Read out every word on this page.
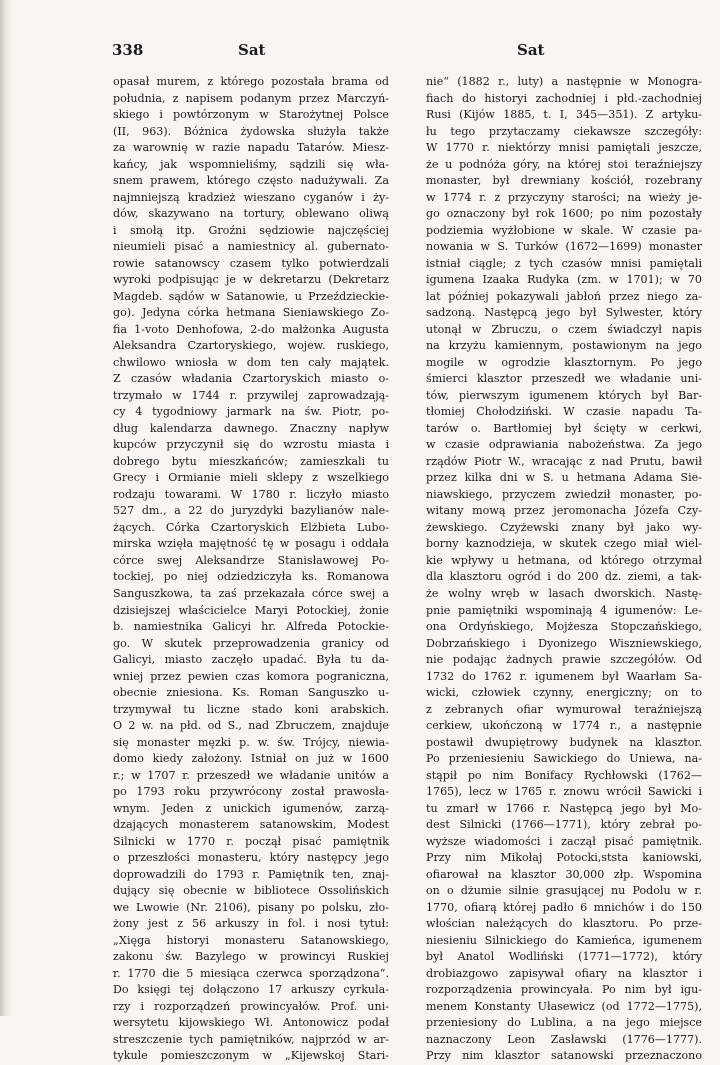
338	Sat	Sat
opasał murem, z którego pozostała brama od
południa, z napisem podanym przez Marczyń-
skiego i powtórzonym w Starożytnej Polsce
(II, 963). Bóżnica żydowska służyła także
za warownię w razie napadu Tatarów. Miesz-
kańcy, jak wspomnieliśmy, sądzili się wła-
snem prawem, którego często nadużywali. Za
najmniejszą kradzież wieszano cyganów i ży-
dów, skazywano na tortury, oblewano oliwą
i smołą itp. Groźni sędziowie najczęściej
nieumieli pisać a namiestnicy al. gubernato-
rowie satanowscy czasem tylko potwierdzali
wyroki podpisując je w dekretarzu (Dekretarz
Magdeb. sądów w Satanowie, u Przeździeckie-
go). Jedyna córka hetmana Sieniawskiego Zo-
fia 1-voto Denhofowa, 2-do małżonka Augusta
Aleksandra Czartoryskiego, wojew. ruskiego,
chwilowo wniosła w dom ten cały majątek.
Z czasów władania Czartoryskich miasto o-
trzymało w 1744 r. przywilej zaprowadzają-
cy 4 tygodniowy jarmark na św. Piotr, po-
dług kalendarza dawnego. Znaczny napływ
kupców przyczynił się do wzrostu miasta i
dobrego bytu mieszkańców; zamieszkali tu
Grecy i Ormianie mieli sklepy z wszelkiego
rodzaju towarami. W 1780 r. liczyło miasto
527 dm., a 22 do juryzdyki bazylianów nale-
żących. Córka Czartoryskich Elżbieta Lubo-
mirska wzięła majętność tę w posagu i oddała
córce swej Aleksandrze Stanisławowej Po-
tockiej, po niej odziedziczyła ks. Romanowa
Sanguszkowa, ta zaś przekazała córce swej a
dzisiejszej właścicielce Maryi Potockiej, żonie
b. namiestnika Galicyi hr. Alfreda Potockie-
go. W skutek przeprowadzenia granicy od
Galicyi, miasto zaczęło upadać. Była tu da-
wniej przez pewien czas komora pograniczna,
obecnie zniesiona. Ks. Roman Sanguszko u-
trzymywał tu liczne stado koni arabskich.
O 2 w. na płd. od S., nad Zbruczem, znajduje
się monaster męzki p. w. św. Trójcy, niewia-
domo kiedy założony. Istniał on już w 1600
r.; w 1707 r. przeszedł we władanie unitów a
po 1793 roku przywrócony został prawosła-
wnym. Jeden z unickich igumenów, zarzą-
dzających monasterem satanowskim, Modest
Silnicki w 1770 r. począł pisać pamiętnik
o przeszłości monasteru, który następcy jego
doprowadzili do 1793 r. Pamiętnik ten, znaj-
dujący się obecnie w bibliotece Ossolińskich
we Lwowie (Nr. 2106), pisany po polsku, zło-
żony jest z 56 arkuszy in fol. i nosi tytuł:
„Xięga historyi monasteru Satanowskiego,
zakonu św. Bazylego w prowincyi Ruskiej
r. 1770 die 5 miesiąca czerwca sporządzona“.
Do księgi tej dołączono 17 arkuszy cyrkula-
rzy i rozporządzeń prowincyałów. Prof. uni-
wersytetu kijowskiego Wł. Antonowicz podał
streszczenie tych pamiętników, najprzód w ar-
tykule pomieszczonym w „Kijewskoj Stari-
nie“ (1882 r., luty) a następnie w Monogra-
fiach do historyi zachodniej i płd.-zachodniej
Rusi (Kijów 1885, t. I, 345—351). Z artyku-
łu tego przytaczamy ciekawsze szczegóły:
W 1770 r. niektórzy mnisi pamiętali jeszcze,
że u podnóża góry, na której stoi teraźniejszy
monaster, był drewniany kościół, rozebrany
w 1774 r. z przyczyny starości; na wieży je-
go oznaczony był rok 1600; po nim pozostały
podziemia wyżłobione w skale. W czasie pa-
nowania w S. Turków (1672—1699) monaster
istniał ciągle; z tych czasów mnisi pamiętali
igumena Izaaka Rudyka (zm. w 1701); w 70
lat później pokazywali jabłoń przez niego za-
sadzoną. Następcą jego był Sylwester, który
utonął w Zbruczu, o czem świadczył napis
na krzyżu kamiennym, postawionym na jego
mogile w ogrodzie klasztornym. Po jego
śmierci klasztor przeszedł we władanie uni-
tów, pierwszym igumenem których był Bar-
tłomiej Chołodziński. W czasie napadu Ta-
tarów o. Bartłomiej był ścięty w cerkwi,
w czasie odprawiania nabożeństwa. Za jego
rządów Piotr W., wracając z nad Prutu, bawił
przez kilka dni w S. u hetmana Adama Sie-
niawskiego, przyczem zwiedził monaster, po-
witany mową przez jeromonacha Józefa Czy-
żewskiego. Czyżewski znany był jako wy-
borny kaznodzieja, w skutek czego miał wiel-
kie wpływy u hetmana, od którego otrzymał
dla klasztoru ogród i do 200 dz. ziemi, a tak-
że wolny wręb w lasach dworskich. Nastę-
pnie pamiętniki wspominają 4 igumenów: Le-
ona Ordyńskiego, Mojżesza Stopczańskiego,
Dobrzańskiego i Dyonizego Wiszniewskiego,
nie podając żadnych prawie szczegółów. Od
1732 do 1762 r. igumenem był Waarłam Sa-
wicki, człowiek czynny, energiczny; on to
z zebranych ofiar wymurował teraźniejszą
cerkiew, ukończoną w 1774 r., a następnie
postawił dwupiętrowy budynek na klasztor.
Po przeniesieniu Sawickiego do Uniewa, na-
stąpił po nim Bonifacy Rychłowski (1762—
1765), lecz w 1765 r. znowu wrócił Sawicki i
tu zmarł w 1766 r. Następcą jego był Mo-
dest Silnicki (1766—1771), który zebrał po-
wyższe wiadomości i zaczął pisać pamiętnik.
Przy nim Mikołaj Potocki,ststa kaniowski,
ofiarował na klasztor 30,000 złp. Wspomina
on o dżumie silnie grasującej nu Podolu w r.
1770, ofiarą której padło 6 mnichów i do 150
włościan należących do klasztoru. Po prze-
niesieniu Silnickiego do Kamieńca, igumenem
był Anatol Wodliński (1771—1772), który
drobiazgowo zapisywał ofiary na klasztor i
rozporządzenia prowincyała. Po nim był igu-
menem Konstanty Ułasewicz (od 1772—1775),
przeniesiony do Lublina, a na jego miejsce
naznaczony Leon Zasławski (1776—1777).
Przy nim klasztor satanowski przeznaczono
